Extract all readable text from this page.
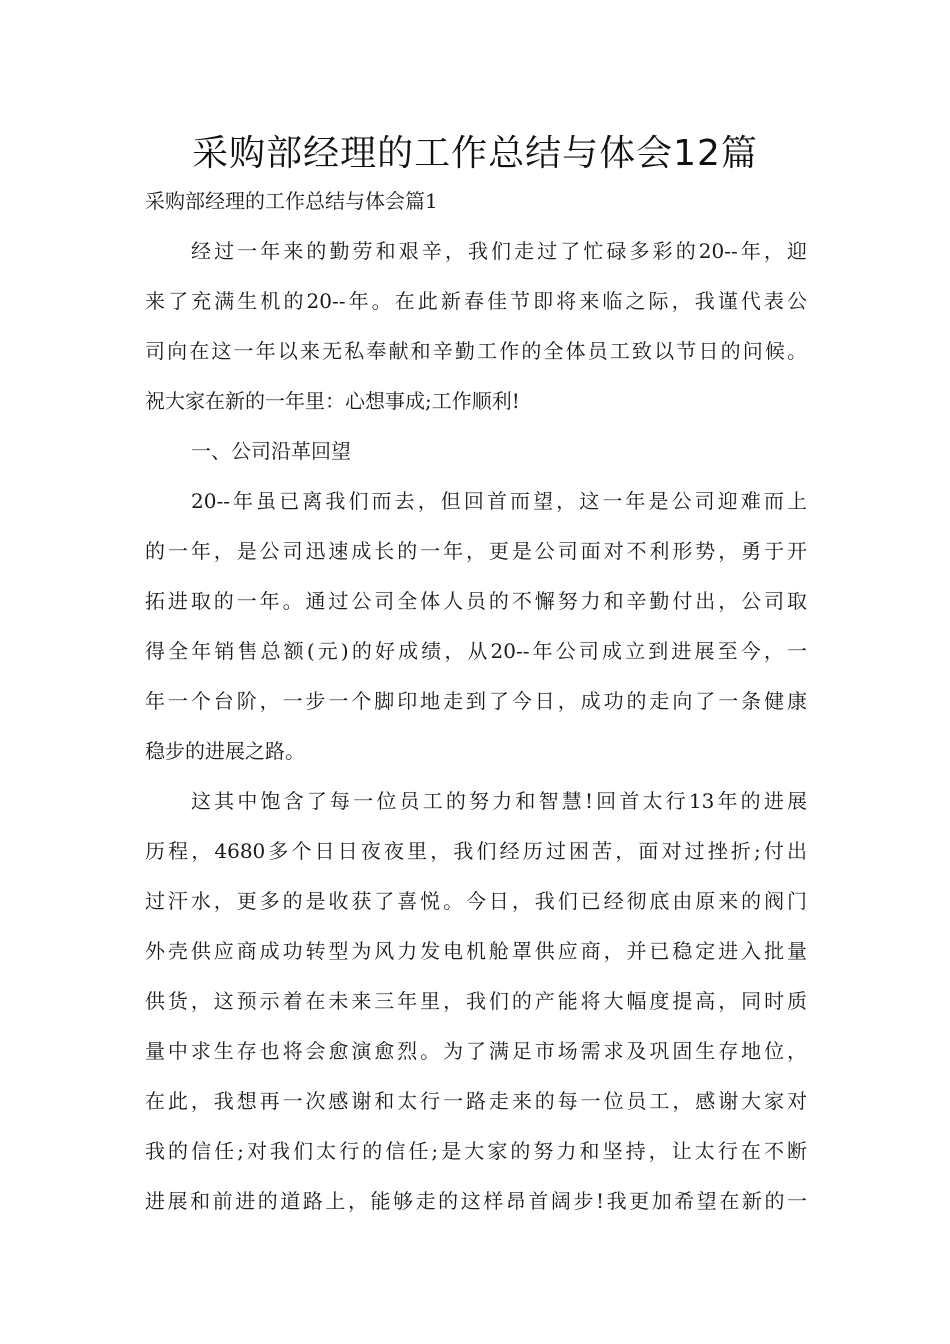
采购部经理的工作总结与体会12篇
采购部经理的工作总结与体会篇1
经过一年来的勤劳和艰辛，我们走过了忙碌多彩的20--年，迎
来了充满生机的20--年。在此新春佳节即将来临之际，我谨代表公
司向在这一年以来无私奉献和辛勤工作的全体员工致以节日的问候。
祝大家在新的一年里：心想事成;工作顺利!
一、公司沿革回望
20--年虽已离我们而去，但回首而望，这一年是公司迎难而上
的一年，是公司迅速成长的一年，更是公司面对不利形势，勇于开
拓进取的一年。通过公司全体人员的不懈努力和辛勤付出，公司取
得全年销售总额(元)的好成绩，从20--年公司成立到进展至今，一
年一个台阶，一步一个脚印地走到了今日，成功的走向了一条健康
稳步的进展之路。
这其中饱含了每一位员工的努力和智慧!回首太行13年的进展
历程，4680多个日日夜夜里，我们经历过困苦，面对过挫折;付出
过汗水，更多的是收获了喜悦。今日，我们已经彻底由原来的阀门
外壳供应商成功转型为风力发电机舱罩供应商，并已稳定进入批量
供货，这预示着在未来三年里，我们的产能将大幅度提高，同时质
量中求生存也将会愈演愈烈。为了满足市场需求及巩固生存地位，
在此，我想再一次感谢和太行一路走来的每一位员工，感谢大家对
我的信任;对我们太行的信任;是大家的努力和坚持，让太行在不断
进展和前进的道路上，能够走的这样昂首阔步!我更加希望在新的一
